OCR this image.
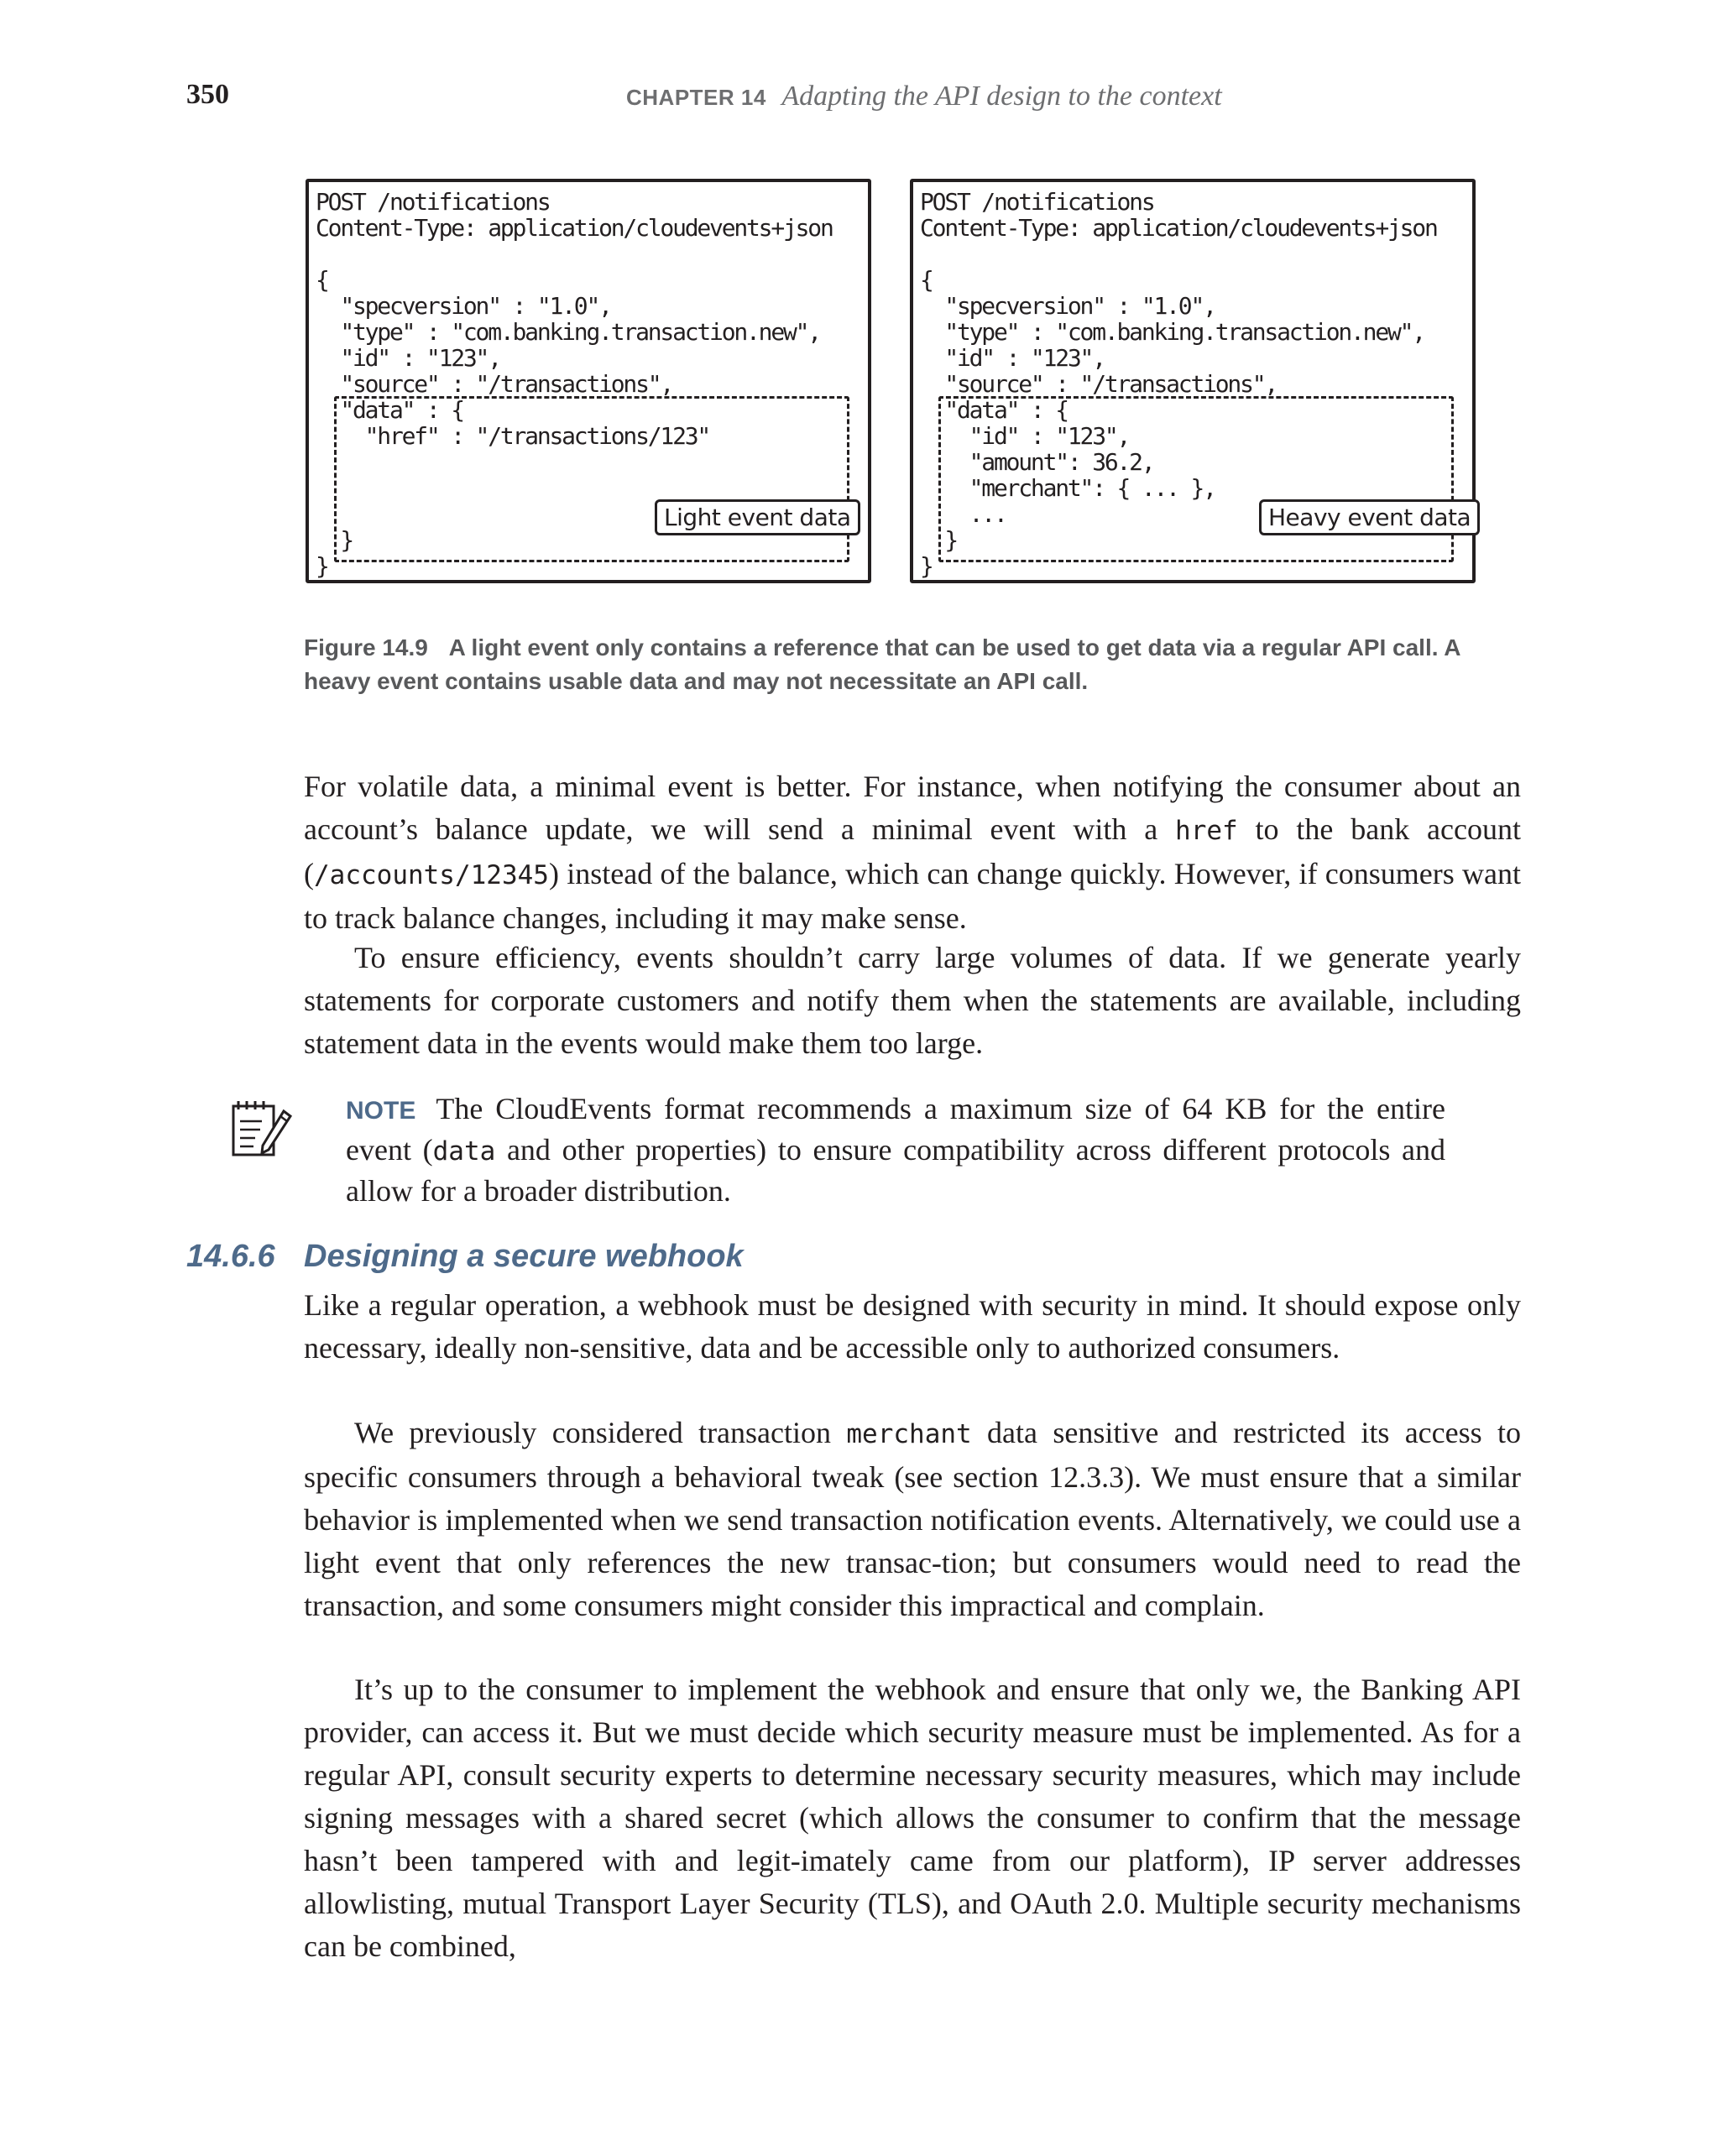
350	CHAPTER 14 Adapting the API design to the context
POST /notifications
Content-Type: application/cloudevents+json

{
"specversion" : "1.0",
"type" : "com.banking.transaction.new",
"id" : "123",
"source" : "/transactions",
"data" : {
"href" : "/transactions/123"

}
}
Light event data
POST /notifications
Content-Type: application/cloudevents+json

{
"specversion" : "1.0",
"type" : "com.banking.transaction.new",
"id" : "123",
"source" : "/transactions",
"data" : {
"id" : "123",
"amount": 36.2,
"merchant": { ... },
...
}
}
Heavy event data
Figure 14.9 A light event only contains a reference that can be used to get data via a regular API call. A heavy event contains usable data and may not necessitate an API call.
For volatile data, a minimal event is better. For instance, when notifying the consumer about an account’s balance update, we will send a minimal event with a href to the bank account (/accounts/12345) instead of the balance, which can change quickly. However, if consumers want to track balance changes, including it may make sense.
To ensure efficiency, events shouldn’t carry large volumes of data. If we generate yearly statements for corporate customers and notify them when the statements are available, including statement data in the events would make them too large.
NOTE The CloudEvents format recommends a maximum size of 64 KB for the entire event (data and other properties) to ensure compatibility across different protocols and allow for a broader distribution.
14.6.6 Designing a secure webhook
Like a regular operation, a webhook must be designed with security in mind. It should expose only necessary, ideally non-sensitive, data and be accessible only to authorized consumers.
We previously considered transaction merchant data sensitive and restricted its access to specific consumers through a behavioral tweak (see section 12.3.3). We must ensure that a similar behavior is implemented when we send transaction notification events. Alternatively, we could use a light event that only references the new transac-tion; but consumers would need to read the transaction, and some consumers might consider this impractical and complain.
It’s up to the consumer to implement the webhook and ensure that only we, the Banking API provider, can access it. But we must decide which security measure must be implemented. As for a regular API, consult security experts to determine necessary security measures, which may include signing messages with a shared secret (which allows the consumer to confirm that the message hasn’t been tampered with and legit-imately came from our platform), IP server addresses allowlisting, mutual Transport Layer Security (TLS), and OAuth 2.0. Multiple security mechanisms can be combined,
